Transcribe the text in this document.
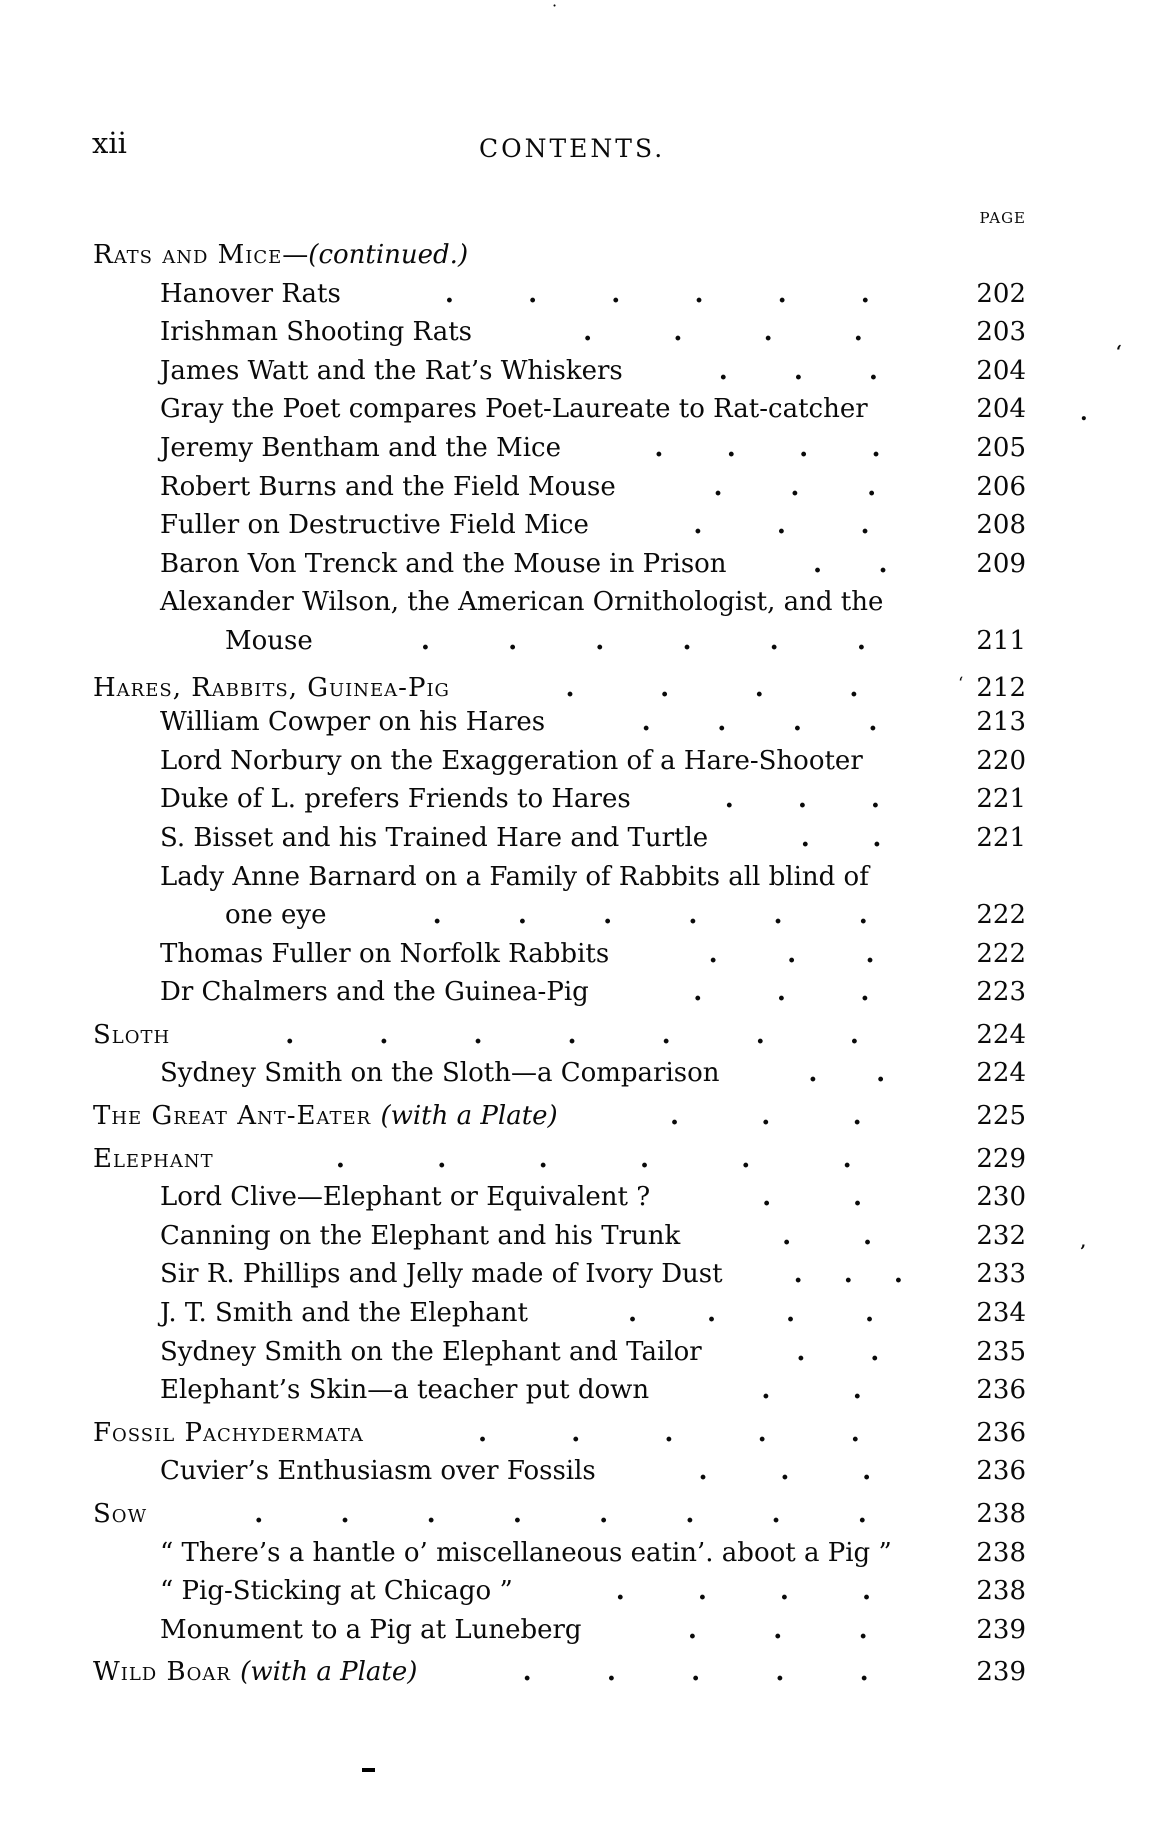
xii	CONTENTS.
PAGE
Rats and Mice—(continued.)
Hanover Rats	.	.	.	.	.	.	202
Irishman Shooting Rats	.	.	.	.	203
James Watt and the Rat’s Whiskers	.	.	.	204
Gray the Poet compares Poet-Laureate to Rat-catcher	204
Jeremy Bentham and the Mice	. . . .	205
Robert Burns and the Field Mouse	.	.	.	206
Fuller on Destructive Field Mice	.	.	.	208
Baron Von Trenck and the Mouse in Prison	. .	209
Alexander Wilson, the American Ornithologist, and the
Mouse	.	.	.	.	.	.	211
Hares, Rabbits, Guinea-Pig	.	.	.	.	‘ 212
William Cowper on his Hares	.	.	.	.	213
Lord Norbury on the Exaggeration of a Hare-Shooter	220
Duke of L. prefers Friends to Hares	. . .	221
S. Bisset and his Trained Hare and Turtle	. .	221
Lady Anne Barnard on a Family of Rabbits all blind of
one eye	.	.	.	.	.	.	222
Thomas Fuller on Norfolk Rabbits	.	.	.	222
Dr Chalmers and the Guinea-Pig	.	.	.	223
Sloth	.	.	.	.	.	.	.	224
Sydney Smith on the Sloth—a Comparison	. .	224
The Great Ant-Eater (with a Plate)	.	.	.	225
Elephant	.	.	.	.	.	.	229
Lord Clive—Elephant or Equivalent ?	.	.	230
Canning on the Elephant and his Trunk	.	.	232
Sir R. Phillips and Jelly made of Ivory Dust	. . .	233
J. T. Smith and the Elephant	.	.	.	.	234
Sydney Smith on the Elephant and Tailor	. .	235
Elephant’s Skin—a teacher put down	.	.	236
Fossil Pachydermata	.	.	.	.	.	236
Cuvier’s Enthusiasm over Fossils	.	.	.	236
Sow	.	.	.	.	.	.	.	.	238
“ There’s a hantle o’ miscellaneous eatin’. aboot a Pig ”	238
“ Pig-Sticking at Chicago ”	.	.	.	.	238
Monument to a Pig at Luneberg	.	.	.	239
Wild Boar (with a Plate)	.	.	.	.	.	239
·
‘
.
’
